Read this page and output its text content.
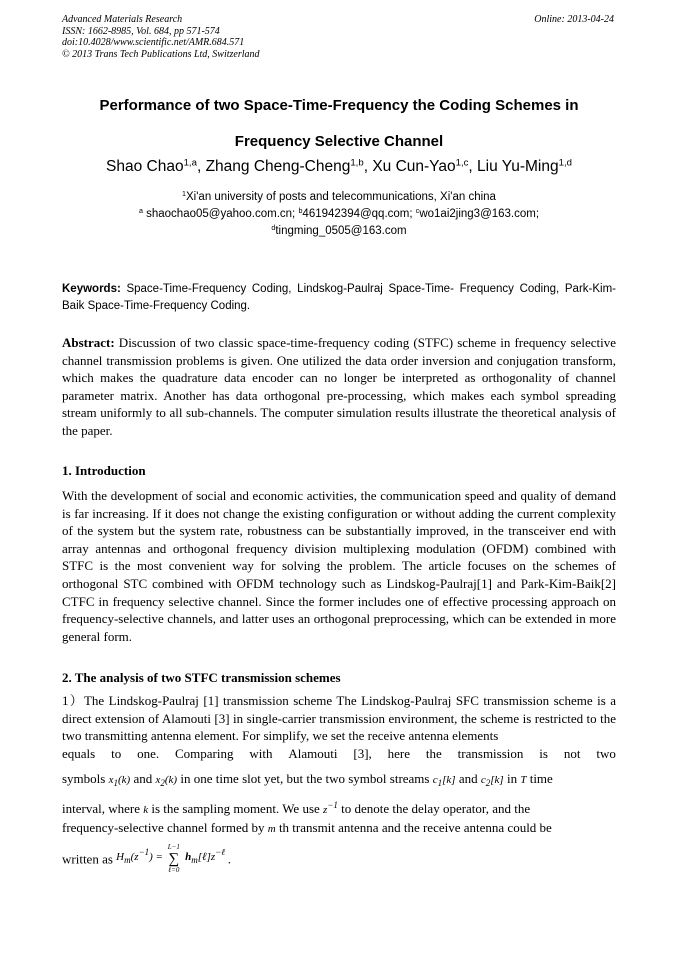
Advanced Materials Research
ISSN: 1662-8985, Vol. 684, pp 571-574
doi:10.4028/www.scientific.net/AMR.684.571
© 2013 Trans Tech Publications Ltd, Switzerland
Online: 2013-04-24
Performance of two Space-Time-Frequency the Coding Schemes in
Frequency Selective Channel
Shao Chao$^{1,a}$, Zhang Cheng-Cheng$^{1,b}$, Xu Cun-Yao$^{1,c}$, Liu Yu-Ming$^{1,d}$
$^1$Xi'an university of posts and telecommunications, Xi'an china
$^a$ shaochao05@yahoo.com.cn; $^b$461942394@qq.com; $^c$wo1ai2jing3@163.com;
$^d$tingming_0505@163.com
Keywords: Space-Time-Frequency Coding, Lindskog-Paulraj Space-Time- Frequency Coding, Park-Kim-Baik Space-Time-Frequency Coding.
Abstract: Discussion of two classic space-time-frequency coding (STFC) scheme in frequency selective channel transmission problems is given. One utilized the data order inversion and conjugation transform, which makes the quadrature data encoder can no longer be interpreted as orthogonality of channel parameter matrix. Another has data orthogonal pre-processing, which makes each symbol spreading stream uniformly to all sub-channels. The computer simulation results illustrate the theoretical analysis of the paper.
1. Introduction
With the development of social and economic activities, the communication speed and quality of demand is far increasing. If it does not change the existing configuration or without adding the current complexity of the system but the system rate, robustness can be substantially improved, in the transceiver end with array antennas and orthogonal frequency division multiplexing modulation (OFDM) combined with STFC is the most convenient way for solving the problem. The article focuses on the schemes of orthogonal STC combined with OFDM technology such as Lindskog-Paulraj[1] and Park-Kim-Baik[2] CTFC in frequency selective channel. Since the former includes one of effective processing approach on frequency-selective channels, and latter uses an orthogonal preprocessing, which can be extended in more general form.
2. The analysis of two STFC transmission schemes
1）The Lindskog-Paulraj [1] transmission scheme The Lindskog-Paulraj SFC transmission scheme is a direct extension of Alamouti [3] in single-carrier transmission environment, the scheme is restricted to the two transmitting antenna element. For simplify, we set the receive antenna elements
equals to one. Comparing with Alamouti [3], here the transmission is not two
symbols $x_1(k)$ and $x_2(k)$ in one time slot yet, but the two symbol streams $c_1[k]$ and $c_2[k]$ in T time
interval, where k is the sampling moment. We use $z^{-1}$ to denote the delay operator, and the
frequency-selective channel formed by m th transmit antenna and the receive antenna could be
written as $H_m(z^{-1})$ =
L−1
∑
ℓ=0
$h_m[\ell]z^{-\ell}$ .
